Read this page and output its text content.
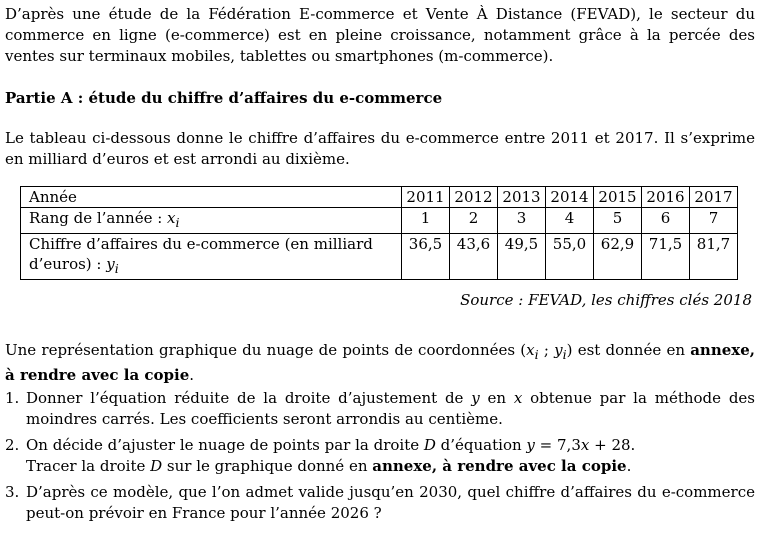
D’après une étude de la Fédération E-commerce et Vente À Distance (FEVAD), le secteur du commerce en ligne (e-commerce) est en pleine croissance, notamment grâce à la percée des ventes sur terminaux mobiles, tablettes ou smartphones (m-commerce).
Partie A : étude du chiffre d’affaires du e-commerce
Le tableau ci-dessous donne le chiffre d’affaires du e-commerce entre 2011 et 2017. Il s’exprime en milliard d’euros et est arrondi au dixième.
Année	2011	2012	2013	2014	2015	2016	2017
Rang de l’année : $x_i$	1	2	3	4	5	6	7
Chiffre d’affaires du e-commerce (en milliard d’euros) : $y_i$	36,5	43,6	49,5	55,0	62,9	71,5	81,7
Source : FEVAD, les chiffres clés 2018
Une représentation graphique du nuage de points de coordonnées ($x_i$ ; $y_i$) est donnée en annexe, à rendre avec la copie.
1. Donner l’équation réduite de la droite d’ajustement de y en x obtenue par la méthode des moindres carrés. Les coefficients seront arrondis au centième.
2. On décide d’ajuster le nuage de points par la droite D d’équation y = 7,3x + 28.
Tracer la droite D sur le graphique donné en annexe, à rendre avec la copie.
3. D’après ce modèle, que l’on admet valide jusqu’en 2030, quel chiffre d’affaires du e-commerce peut-on prévoir en France pour l’année 2026 ?
